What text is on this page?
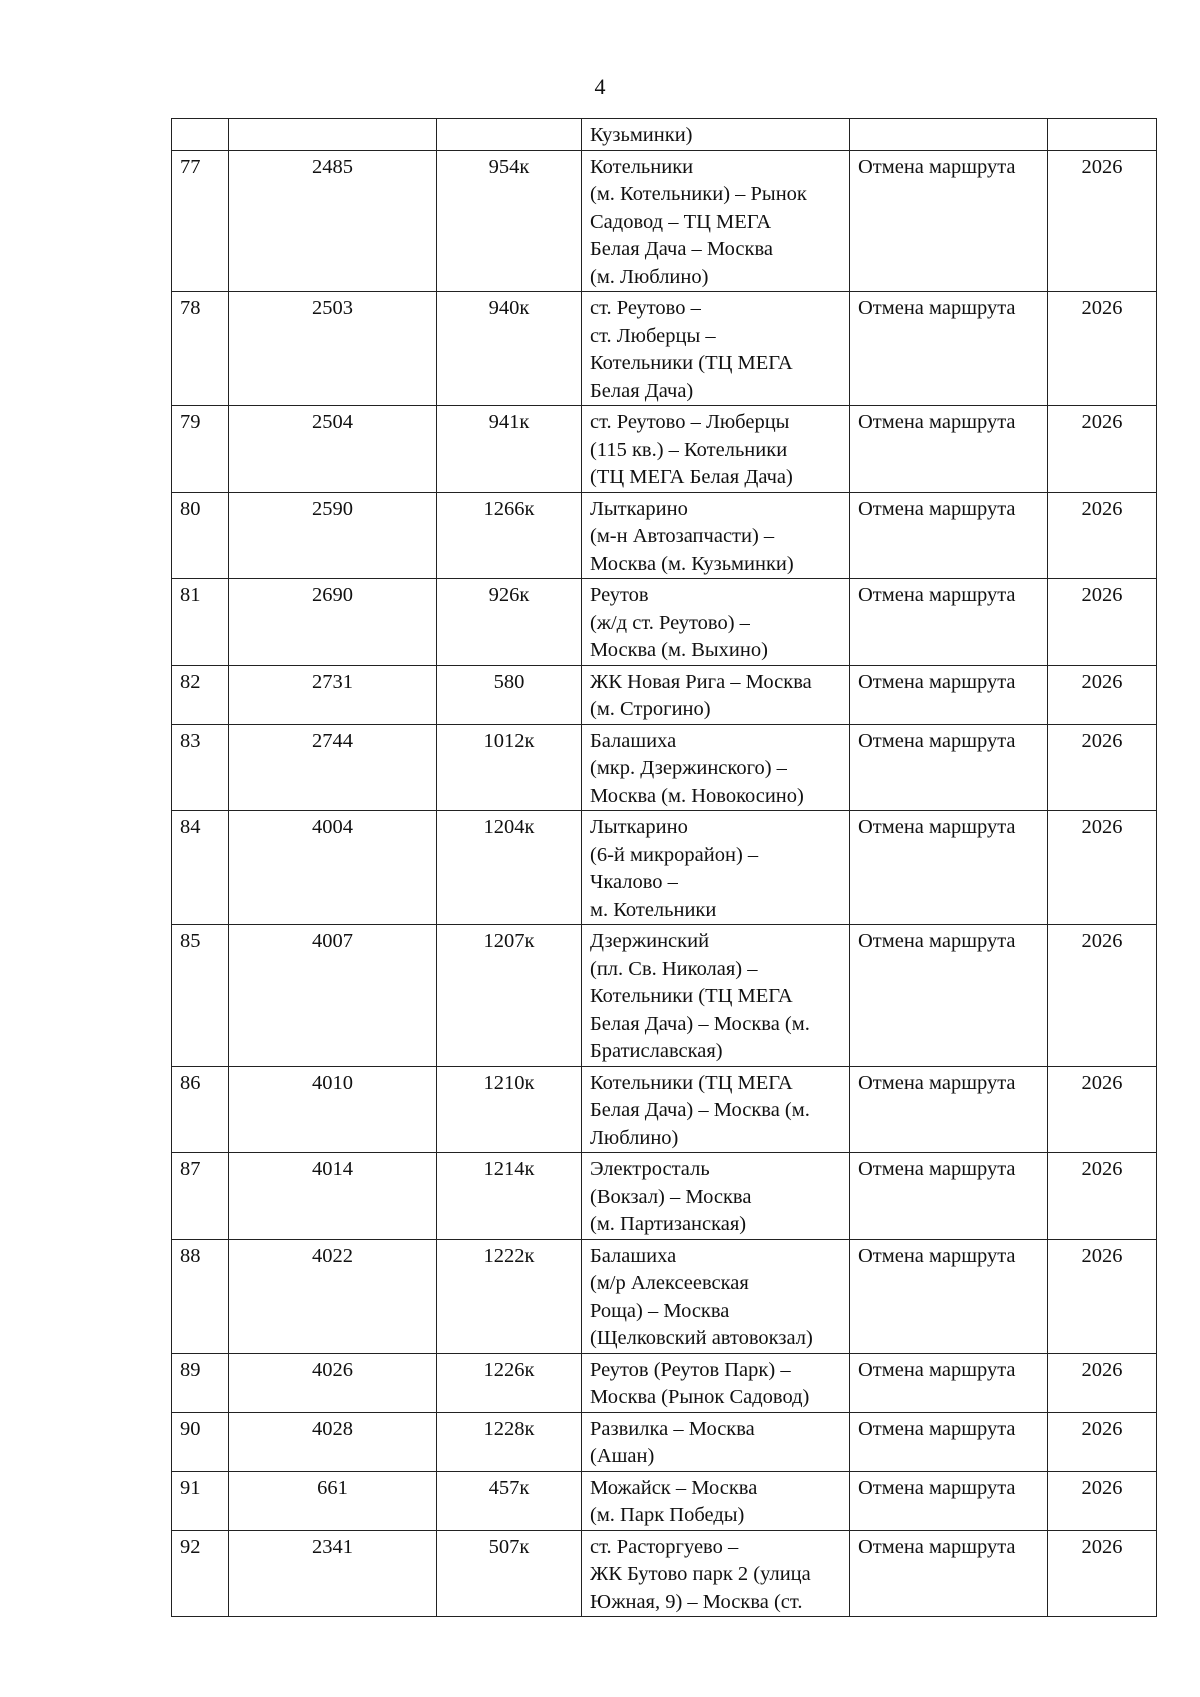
4

			Кузьминки)		

77	2485	954к	Котельники
(м. Котельники) – Рынок
Садовод – ТЦ МЕГА
Белая Дача – Москва
(м. Люблино)	Отмена маршрута	2026
78	2503	940к	ст. Реутово –
ст. Люберцы –
Котельники (ТЦ МЕГА
Белая Дача)	Отмена маршрута	2026
79	2504	941к	ст. Реутово – Люберцы
(115 кв.) – Котельники
(ТЦ МЕГА Белая Дача)	Отмена маршрута	2026
80	2590	1266к	Лыткарино
(м-н Автозапчасти) –
Москва (м. Кузьминки)	Отмена маршрута	2026
81	2690	926к	Реутов
(ж/д ст. Реутово) –
Москва (м. Выхино)	Отмена маршрута	2026
82	2731	580	ЖК Новая Рига – Москва
(м. Строгино)	Отмена маршрута	2026
83	2744	1012к	Балашиха
(мкр. Дзержинского) –
Москва (м. Новокосино)	Отмена маршрута	2026
84	4004	1204к	Лыткарино
(6-й микрорайон) –
Чкалово –
м. Котельники	Отмена маршрута	2026
85	4007	1207к	Дзержинский
(пл. Св. Николая) –
Котельники (ТЦ МЕГА
Белая Дача) – Москва (м.
Братиславская)	Отмена маршрута	2026
86	4010	1210к	Котельники (ТЦ МЕГА
Белая Дача) – Москва (м.
Люблино)	Отмена маршрута	2026
87	4014	1214к	Электросталь
(Вокзал) – Москва
(м. Партизанская)	Отмена маршрута	2026
88	4022	1222к	Балашиха
(м/р Алексеевская
Роща) – Москва
(Щелковский автовокзал)	Отмена маршрута	2026
89	4026	1226к	Реутов (Реутов Парк) –
Москва (Рынок Садовод)	Отмена маршрута	2026
90	4028	1228к	Развилка – Москва
(Ашан)	Отмена маршрута	2026
91	661	457к	Можайск – Москва
(м. Парк Победы)	Отмена маршрута	2026
92	2341	507к	ст. Расторгуево –
ЖК Бутово парк 2 (улица
Южная, 9) – Москва (ст.	Отмена маршрута	2026
